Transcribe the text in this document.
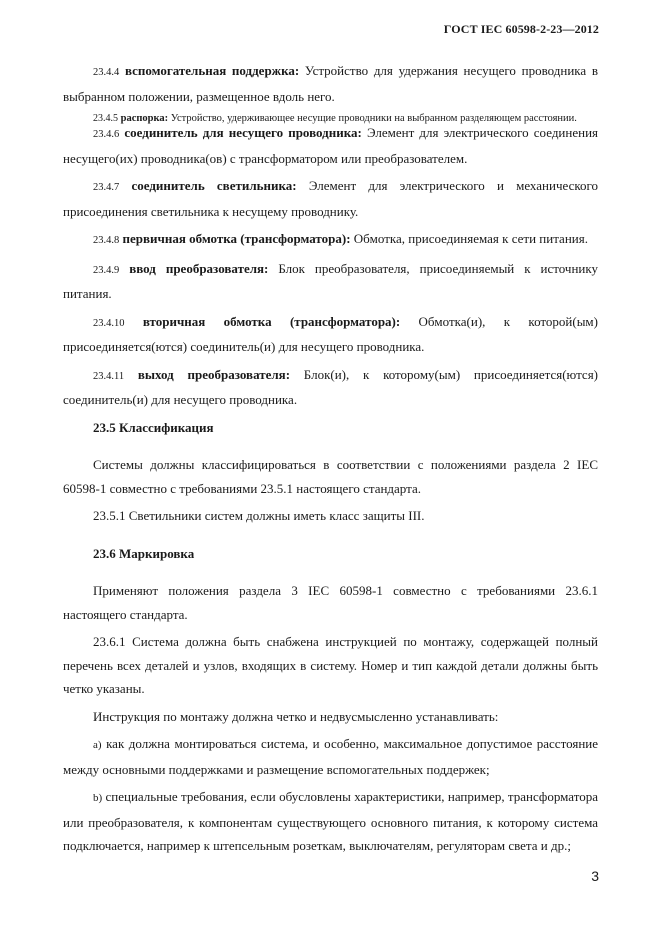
ГОСТ IEC 60598-2-23—2012

23.4.4 вспомогательная поддержка: Устройство для удержания несущего проводника в выбранном положении, размещенное вдоль него.

23.4.5 распорка: Устройство, удерживающее несущие проводники на выбранном разделяющем расстоянии.

23.4.6 соединитель для несущего проводника: Элемент для электрического соединения несущего(их) проводника(ов) с трансформатором или преобразователем.

23.4.7 соединитель светильника: Элемент для электрического и механического присоединения светильника к несущему проводнику.

23.4.8 первичная обмотка (трансформатора): Обмотка, присоединяемая к сети питания.

23.4.9 ввод преобразователя: Блок преобразователя, присоединяемый к источнику питания.

23.4.10 вторичная обмотка (трансформатора): Обмотка(и), к которой(ым) присоединяется(ются) соединитель(и) для несущего проводника.

23.4.11 выход преобразователя: Блок(и), к которому(ым) присоединяется(ются) соединитель(и) для несущего проводника.

23.5 Классификация

Системы должны классифицироваться в соответствии с положениями раздела 2 IEC 60598-1 совместно с требованиями 23.5.1 настоящего стандарта.

23.5.1 Светильники систем должны иметь класс защиты III.

23.6 Маркировка

Применяют положения раздела 3 IEC 60598-1 совместно с требованиями 23.6.1 настоящего стандарта.

23.6.1 Система должна быть снабжена инструкцией по монтажу, содержащей полный перечень всех деталей и узлов, входящих в систему. Номер и тип каждой детали должны быть четко указаны.

Инструкция по монтажу должна четко и недвусмысленно устанавливать:

a) как должна монтироваться система, и особенно, максимальное допустимое расстояние между основными поддержками и размещение вспомогательных поддержек;

b) специальные требования, если обусловлены характеристики, например, трансформатора или преобразователя, к компонентам существующего основного питания, к которому система подключается, например к штепсельным розеткам, выключателям, регуляторам света и др.;

3
